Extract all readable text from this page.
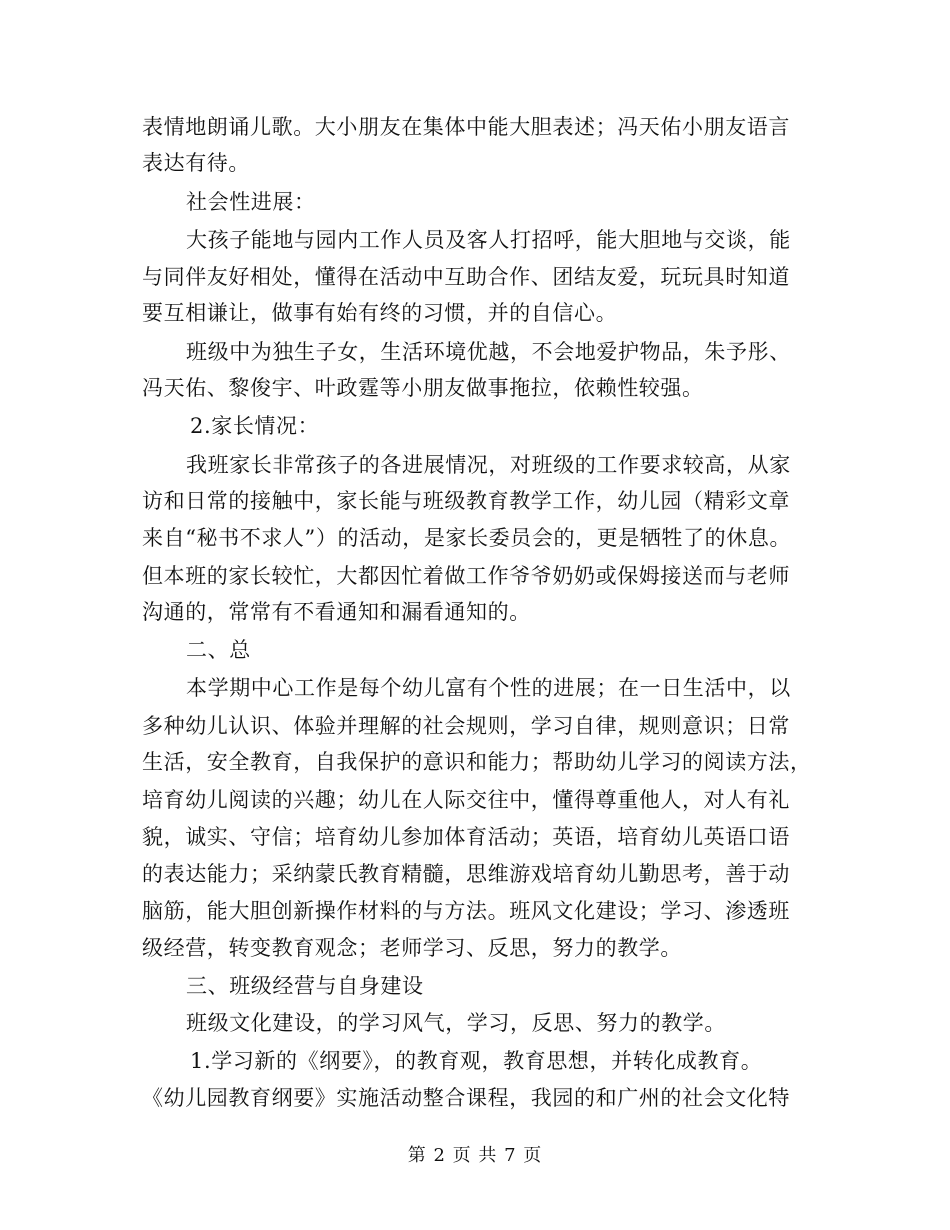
表情地朗诵儿歌。大小朋友在集体中能大胆表述；冯天佑小朋友语言
表达有待。
社会性进展：
大孩子能地与园内工作人员及客人打招呼，能大胆地与交谈，能
与同伴友好相处，懂得在活动中互助合作、团结友爱，玩玩具时知道
要互相谦让，做事有始有终的习惯，并的自信心。
班级中为独生子女，生活环境优越，不会地爱护物品，朱予彤、
冯天佑、黎俊宇、叶政霆等小朋友做事拖拉，依赖性较强。
2.家长情况：
我班家长非常孩子的各进展情况，对班级的工作要求较高，从家
访和日常的接触中，家长能与班级教育教学工作，幼儿园（精彩文章
来自“秘书不求人”）的活动，是家长委员会的，更是牺牲了的休息。
但本班的家长较忙，大都因忙着做工作爷爷奶奶或保姆接送而与老师
沟通的，常常有不看通知和漏看通知的。
二、总
本学期中心工作是每个幼儿富有个性的进展；在一日生活中，以
多种幼儿认识、体验并理解的社会规则，学习自律，规则意识；日常
生活，安全教育，自我保护的意识和能力；帮助幼儿学习的阅读方法，
培育幼儿阅读的兴趣；幼儿在人际交往中，懂得尊重他人，对人有礼
貌，诚实、守信；培育幼儿参加体育活动；英语，培育幼儿英语口语
的表达能力；采纳蒙氏教育精髓，思维游戏培育幼儿勤思考，善于动
脑筋，能大胆创新操作材料的与方法。班风文化建设；学习、渗透班
级经营，转变教育观念；老师学习、反思，努力的教学。
三、班级经营与自身建设
班级文化建设，的学习风气，学习，反思、努力的教学。
1.学习新的《纲要》，的教育观，教育思想，并转化成教育。
《幼儿园教育纲要》实施活动整合课程，我园的和广州的社会文化特
第 2 页 共 7 页
